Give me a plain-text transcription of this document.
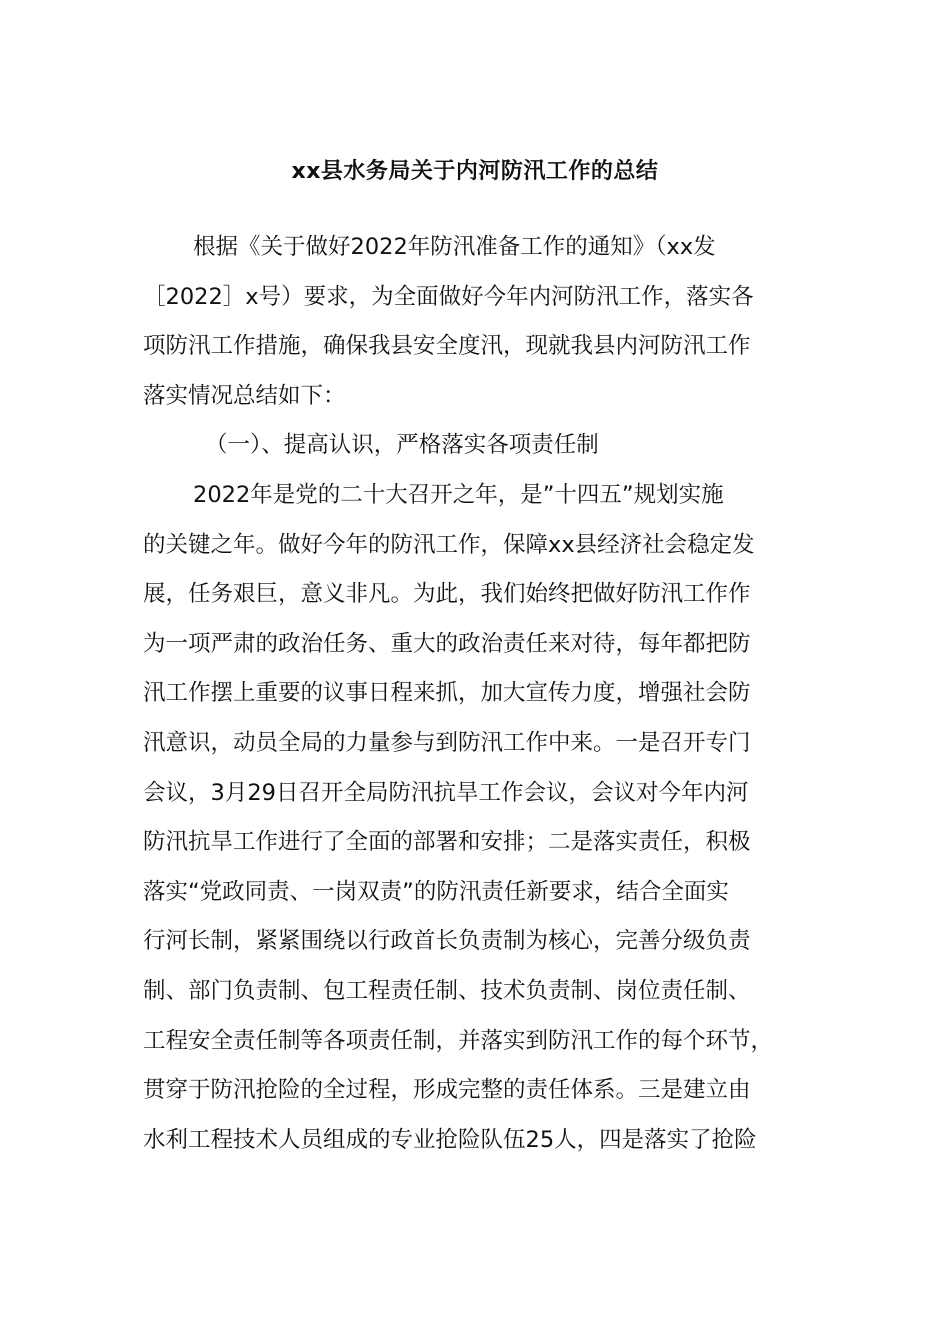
xx县水务局关于内河防汛工作的总结
根据《关于做好2022年防汛准备工作的通知》（xx发
［2022］x号）要求，为全面做好今年内河防汛工作，落实各
项防汛工作措施，确保我县安全度汛，现就我县内河防汛工作
落实情况总结如下：
（一）、提高认识，严格落实各项责任制
2022年是党的二十大召开之年，是”十四五”规划实施
的关键之年。做好今年的防汛工作，保障xx县经济社会稳定发
展，任务艰巨，意义非凡。为此，我们始终把做好防汛工作作
为一项严肃的政治任务、重大的政治责任来对待，每年都把防
汛工作摆上重要的议事日程来抓，加大宣传力度，增强社会防
汛意识，动员全局的力量参与到防汛工作中来。一是召开专门
会议，3月29日召开全局防汛抗旱工作会议，会议对今年内河
防汛抗旱工作进行了全面的部署和安排；二是落实责任，积极
落实“党政同责、一岗双责”的防汛责任新要求，结合全面实
行河长制，紧紧围绕以行政首长负责制为核心，完善分级负责
制、部门负责制、包工程责任制、技术负责制、岗位责任制、
工程安全责任制等各项责任制，并落实到防汛工作的每个环节，
贯穿于防汛抢险的全过程，形成完整的责任体系。三是建立由
水利工程技术人员组成的专业抢险队伍25人，四是落实了抢险
